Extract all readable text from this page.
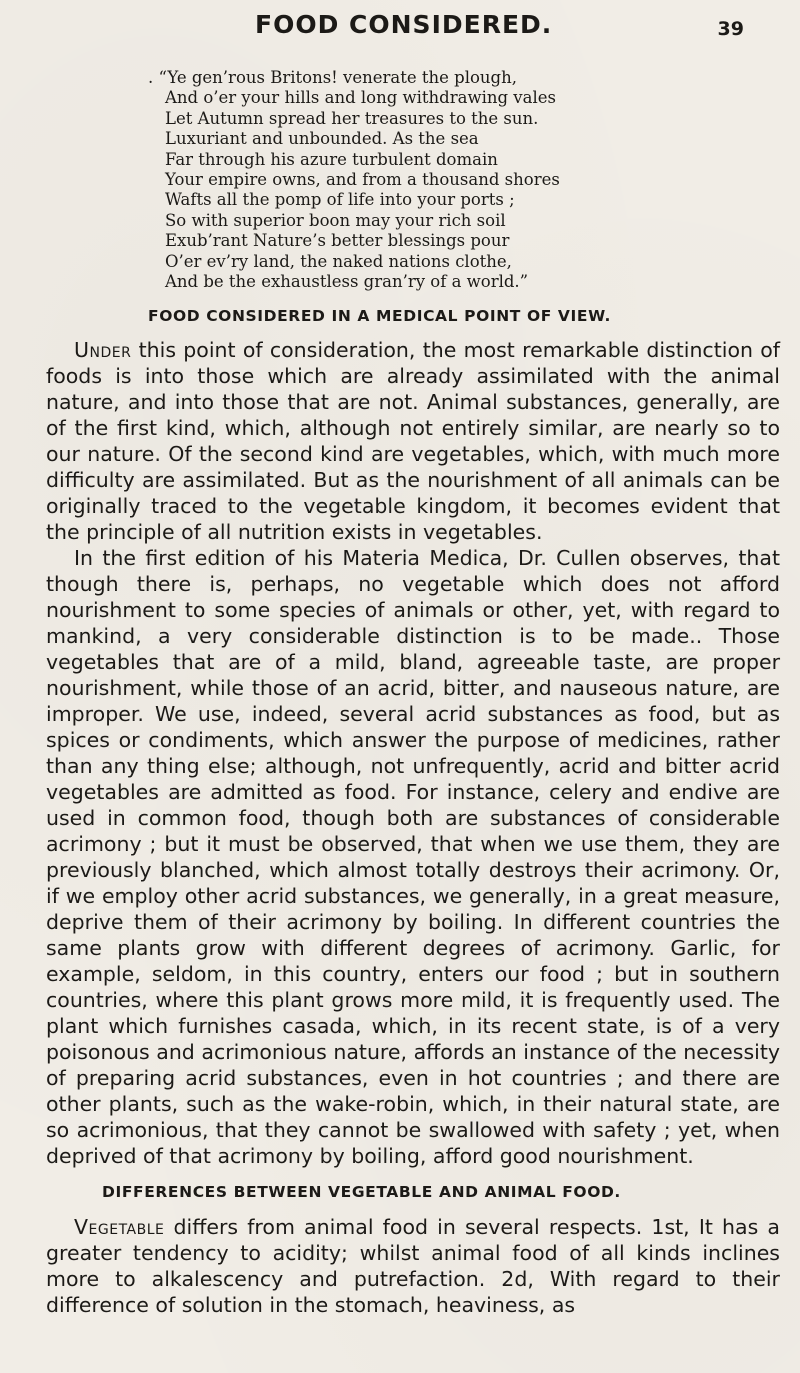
FOOD CONSIDERED.	39
. “Ye gen’rous Britons! venerate the plough,
And o’er your hills and long withdrawing vales
Let Autumn spread her treasures to the sun.
Luxuriant and unbounded. As the sea
Far through his azure turbulent domain
Your empire owns, and from a thousand shores
Wafts all the pomp of life into your ports ;
So with superior boon may your rich soil
Exub’rant Nature’s better blessings pour
O’er ev’ry land, the naked nations clothe,
And be the exhaustless gran’ry of a world.”
FOOD CONSIDERED IN A MEDICAL POINT OF VIEW.

Under this point of consideration, the most remarkable distinction of foods is into those which are already assimilated with the animal nature, and into those that are not. Animal substances, generally, are of the first kind, which, although not entirely similar, are nearly so to our nature. Of the second kind are vegetables, which, with much more difficulty are assimilated. But as the nourishment of all animals can be originally traced to the vegetable kingdom, it becomes evident that the principle of all nutrition exists in vegetables.

In the first edition of his Materia Medica, Dr. Cullen observes, that though there is, perhaps, no vegetable which does not afford nourishment to some species of animals or other, yet, with regard to mankind, a very considerable distinction is to be made.. Those vegetables that are of a mild, bland, agreeable taste, are proper nourishment, while those of an acrid, bitter, and nauseous nature, are improper. We use, indeed, several acrid substances as food, but as spices or condiments, which answer the purpose of medicines, rather than any thing else; although, not unfrequently, acrid and bitter acrid vegetables are admitted as food. For instance, celery and endive are used in common food, though both are substances of considerable acrimony ; but it must be observed, that when we use them, they are previously blanched, which almost totally destroys their acrimony. Or, if we employ other acrid substances, we generally, in a great measure, deprive them of their acrimony by boiling. In different countries the same plants grow with different degrees of acrimony. Garlic, for example, seldom, in this country, enters our food ; but in southern countries, where this plant grows more mild, it is frequently used. The plant which furnishes casada, which, in its recent state, is of a very poisonous and acrimonious nature, affords an instance of the necessity of preparing acrid substances, even in hot countries ; and there are other plants, such as the wake-robin, which, in their natural state, are so acrimonious, that they cannot be swallowed with safety ; yet, when deprived of that acrimony by boiling, afford good nourishment.

DIFFERENCES BETWEEN VEGETABLE AND ANIMAL FOOD.

Vegetable differs from animal food in several respects. 1st, It has a greater tendency to acidity; whilst animal food of all kinds inclines more to alkalescency and putrefaction. 2d, With regard to their difference of solution in the stomach, heaviness, as
